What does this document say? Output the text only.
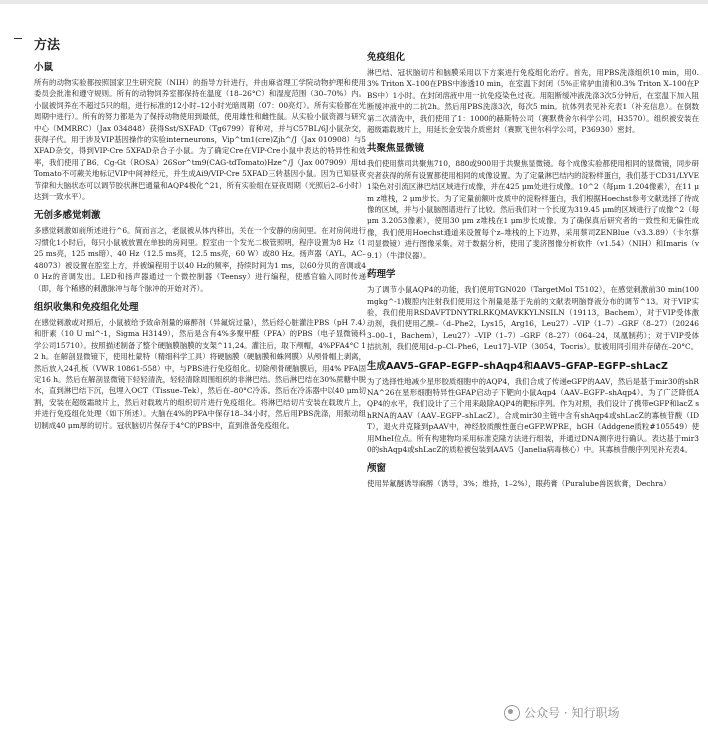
方法
小鼠

所有的动物实验都按照国家卫生研究院（NIH）的指导方针进行，并由麻省理工学院动物护理和使用委员会批准和遵守规则。所有的动物饲养室都保持在温度（18–26°C）和湿度范围（30–70%）内。小鼠被饲养在不超过5只的组，进行标准的12小时–12小时光暗周期（07：00亮灯）。所有实验都在光周期中进行）。所有的努力都是为了保持动物使用到最低，使用雄性和雌性鼠。从实验小鼠资源与研究中心（MMRRC）（Jax 034848）获得Sst/SXFAD（Tg6799）育种对，并与C57BL/6J小鼠杂交，获得子代。用于涉及VIP基因操作的实验interneurons，Vip^tm1(cre)Zjh^/J（Jax 010908）与5XFAD杂交，得到VIP-Cre 5XFAD杂合子小鼠。为了确定Cre在VIP-Cre小鼠中表达的特异性和效率，我们使用了B6．Cg-Gt（ROSA）26Sor^tm9(CAG-tdTomato)Hze^/J（Jax 007909）用tdTomato不可蕨关地标记VIP中间神经元，并生成Ai9/VIP-Cre 5XFAD三转基因小鼠。因为已知昼夜节律和大脑状态可以调节胶状淋巴通量和AQP4极化^21，所有实验组在昼夜周期（光照后2–6小时）达到一致水平）。

无创多感觉刺激

多感觉刺激如前所述进行^6。简而言之，老鼠被从体内移出，关在一个安静的房间里。在对房间进行习惯化1小时后，每只小鼠被放置在单独的房间里。腔室由一个发光二极管照明，程序设置为8 Hz（125 ms亮，125 ms暗）、40 Hz（12.5 ms亮，12.5 ms亮，60 W）或80 Hz。扬声器（AYL，AC–48073）被设置在腔室上方，并被编程用于以40 Hz的频率，持续时间为1 ms，以60分贝的音调或40 Hz的音调发出。LED和扬声器通过一个微控制器（Teensy）进行编程，使感官输入同时传递（即，每个稀感的刺激脉冲与每个脉冲的开始对齐）。

组织收集和免疫组化处理

在感觉刺激或对照后，小鼠被给予致命剂量的麻醉剂（异氟烷过量），然后经心脏灌注PBS（pH 7.4）和肝素（10 U ml^-1，Sigma H3149），然后是含有4%多聚甲醛（PFA）的PBS（电子显微镜科学公司15710）。按照描述制备了整个硬脑膜脑膜的支架^11,24。灌注后，取下颅帽，4%PFA4°C 12 h。在解剖显微镜下，使用杜蒙特（精细科学工具）将硬脑膜（硬脑膜和蛛网膜）从颅骨帽上剥离，然后放入24孔板（VWR 10861-558）中，与PBS进行免疫组化。切除颅骨硬脑膜后，用4% PFA固定16 h。然后在解剖显微镜下轻轻清洗，轻轻清除周围组织的非淋巴结。然后淋巴结在30%蔗糖中脱水，直到淋巴结下沉，包埋入OCT（Tissue–Tek），然后在–80°C冷冻。然后在冷冻器中以40 μm切割，安装在超级霜玻片上，然后对载玻片的组织切片进行免疫组化。将淋巴结切片安装在载玻片上，并进行免疫组化处理（如下所述）。大脑在4%的PFA中保存18–34小时，然后用PBS洗涤，用振动组切制成40 μm厚的切片。冠状脑切片保存于4°C的PBS中，直到准备免疫组化。

免疫组化

淋巴结、冠状脑切片和脑膜采用以下方案进行免疫组化治疗。首先，用PBS洗涤组织10 min，用0.3% Triton X–100在PBS中渗透10 min，在室温下封闭（5%正常驴血清和0.3% Triton X–100在PBS中）1小时。在封闭溶液中用一抗免疫染色过夜。用阻断缓冲液洗涤3次5分钟后，在室温下加入阻断缓冲液中的二抗2h。然后用PBS洗涤3次，每次5 min。抗体列表见补充表1（补充信息）。在倒数第二次清洗中，我们使用了1：1000的赫斯特公司（赛默费舍尔科学公司，H3570）。组织被安装在超级霜载玻片上，用延长金安装介质密封（赛默飞世尔科学公司，P36930）密封。

共聚焦显微镜

我们使用蔡司共聚焦710，880或900用于共聚焦显微镜。每个成像实验都使用相同的显微镜，同步研究者获得的所有设置都使用相同的成像设置。为了定量淋巴结内的淀粉样蛋白，我们基于CD31/LYVE1染色对引流区淋巴结区域进行成像，并在425 μm处进行成像。10^2（每μm 1.204像素），在11 μm z堆栈，2 μm步长。为了定量前额叶皮质中的淀粉样蛋白，我们根据Hoechst参考文献选择了待成像的区域，并与小鼠脑图谱进行了比较。然后我们对一个长度为319.45 μm的区域进行了成像^2（每μm 3.2053像素），使用30 μm z堆栈在1 μm步长成像。为了确保真后研究者的一致性和无偏性成像，我们使用Hoechst通道来设置每个z–堆栈的上下边界，采用蔡司ZENBlue（v3.3.89）（卡尔蔡司显微镜）进行图像采集。对于数据分析，使用了斐济图像分析软件（v1.54）（NIH）和Imaris（v9.1）（牛津仪器）。

药理学

为了调节小鼠AQP4的功能，我们使用TGN020（TargetMol T5102），在感觉刺激前30 min(100mgkg^-1)腹腔内注射我们使用这个剂量是基于先前的文献表明脑脊液分布的调节^13。对于VIP实验，我们使用RSDAVFTDNYTRLRKQMAVKKYLNSILN（19113，Bachem），对于VIP受体激动剂，我们使用乙酰–（d–Phe2，Lys15，Arg16，Leu27）–VIP（1–7）–GRF（8–27）（202463–00–1，Bachem），Leu27）–VIP（1–7）–GRF（8–27）（064–24，凤凰制药）；对于VIP受体拮抗剂，我们使用[d–p–Cl–Phe6，Leu17]–VIP（3054，Tocris）。肽被用同引用并存储在–20°C。

生成AAV5–GFAP–EGFP–shAqp4和AAV5–GFAP–EGFP–shLacZ

为了选择性地减少星形胶质细胞中的AQP4，我们合成了传递eGFP的AAV，然后是基于mir30的shRNA^26在星形细胞特异性GFAP启动子下靶向小鼠Aqp4（AAV–EGFP–shAqp4）。为了广泛降低AQP4的水平，我们设计了三个用来敲除AQP4的靶标序列。作为对照，我们设计了携带eGFP和lacZ shRNA的AAV（AAV–EGFP–shLacZ）。合成mir30主链中含有shAqp4或shLacZ的寡核苷酸（IDT），退火并克隆到pAAV中，神经胶质酸性蛋白eGFP.WPRE，hGH（Addgene质粒#105549）使用MheI位点。所有构建物均采用标准克隆方法进行组装，并通过DNA测序进行确认。表达基于mir30的shAqp4或shLacZ的质粒被包装到AAV5（Janelia病毒核心）中。其寡核苷酸序列见补充表4。

颅窗

使用异氟醚诱导麻醉（诱导，3%；维持，1–2%），眼药膏（Puralube兽医软膏，Dechra）

公众号 · 知行职场
